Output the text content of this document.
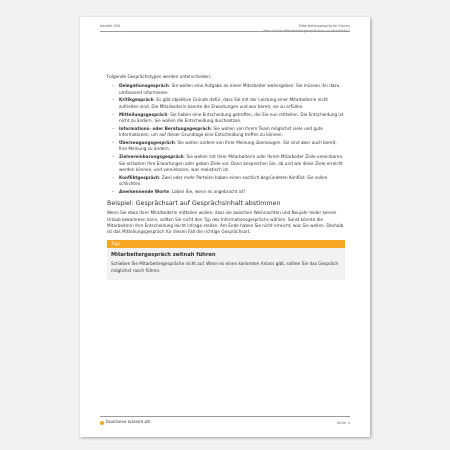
Kapitel 004	Mitarbeitergespräche führen
Was ist bei Mitarbeitergesprächen zu beachten?

Folgende Gesprächstypen werden unterschieden:

– Delegationsgespräch: Sie wollen eine Aufgabe an einen Mitarbeiter weitergeben. Sie müssen ihn dazu umfassend informieren.
– Kritikgespräch: Es gibt objektive Gründe dafür, dass Sie mit der Leistung einer Mitarbeiterin nicht zufrieden sind. Die Mitarbeiterin kannte die Erwartungen und war bereit, sie zu erfüllen.
– Mitteilungsgespräch: Sie haben eine Entscheidung getroffen, die Sie nun mitteilen. Die Entscheidung ist nicht zu ändern. Sie wollen die Entscheidung durchsetzen.
– Informations- oder Beratungsgespräch: Sie wollen von Ihrem Team möglichst viele und gute Informationen, um auf dieser Grundlage eine Entscheidung treffen zu können.
– Überzeugungsgespräch: Sie wollen andere von Ihrer Meinung überzeugen. Sie sind aber auch bereit, Ihre Meinung zu ändern.
– Zielvereinbarungsgespräch: Sie wollen mit Ihrer Mitarbeiterin oder Ihrem Mitarbeiter Ziele vereinbaren. Sie erläutern Ihre Erwartungen oder geben Ziele vor. Dann besprechen Sie, ob und wie diese Ziele erreicht werden können, und vereinbaren, was realistisch ist.
– Konfliktgespräch: Zwei oder mehr Parteien haben einen sachlich begründeten Konflikt. Sie sollen schlichten.
– Anerkennende Worte: Loben Sie, wenn es angebracht ist!
Beispiel: Gesprächsart auf Gesprächsinhalt abstimmen

Wenn Sie etwa Ihrer Mitarbeiterin mitteilen wollen, dass sie zwischen Weihnachten und Neujahr leider keinen Urlaub bekommen kann, sollten Sie nicht den Typ des Informationsgesprächs wählen. Sonst könnte die Mitarbeiterin Ihre Entscheidung leicht infrage stellen. Am Ende haben Sie nicht erreicht, was Sie wollen. Deshalb ist das Mitteilungsgespräch für diesen Fall die richtige Gesprächsart.

Tipp
Mitarbeitergespräch zeitnah führen
Schieben Sie Mitarbeitergespräche nicht auf. Wenn es einen konkreten Anlass gibt, sollten Sie das Gespräch möglichst rasch führen.
business-wissen.de	Seite 4
